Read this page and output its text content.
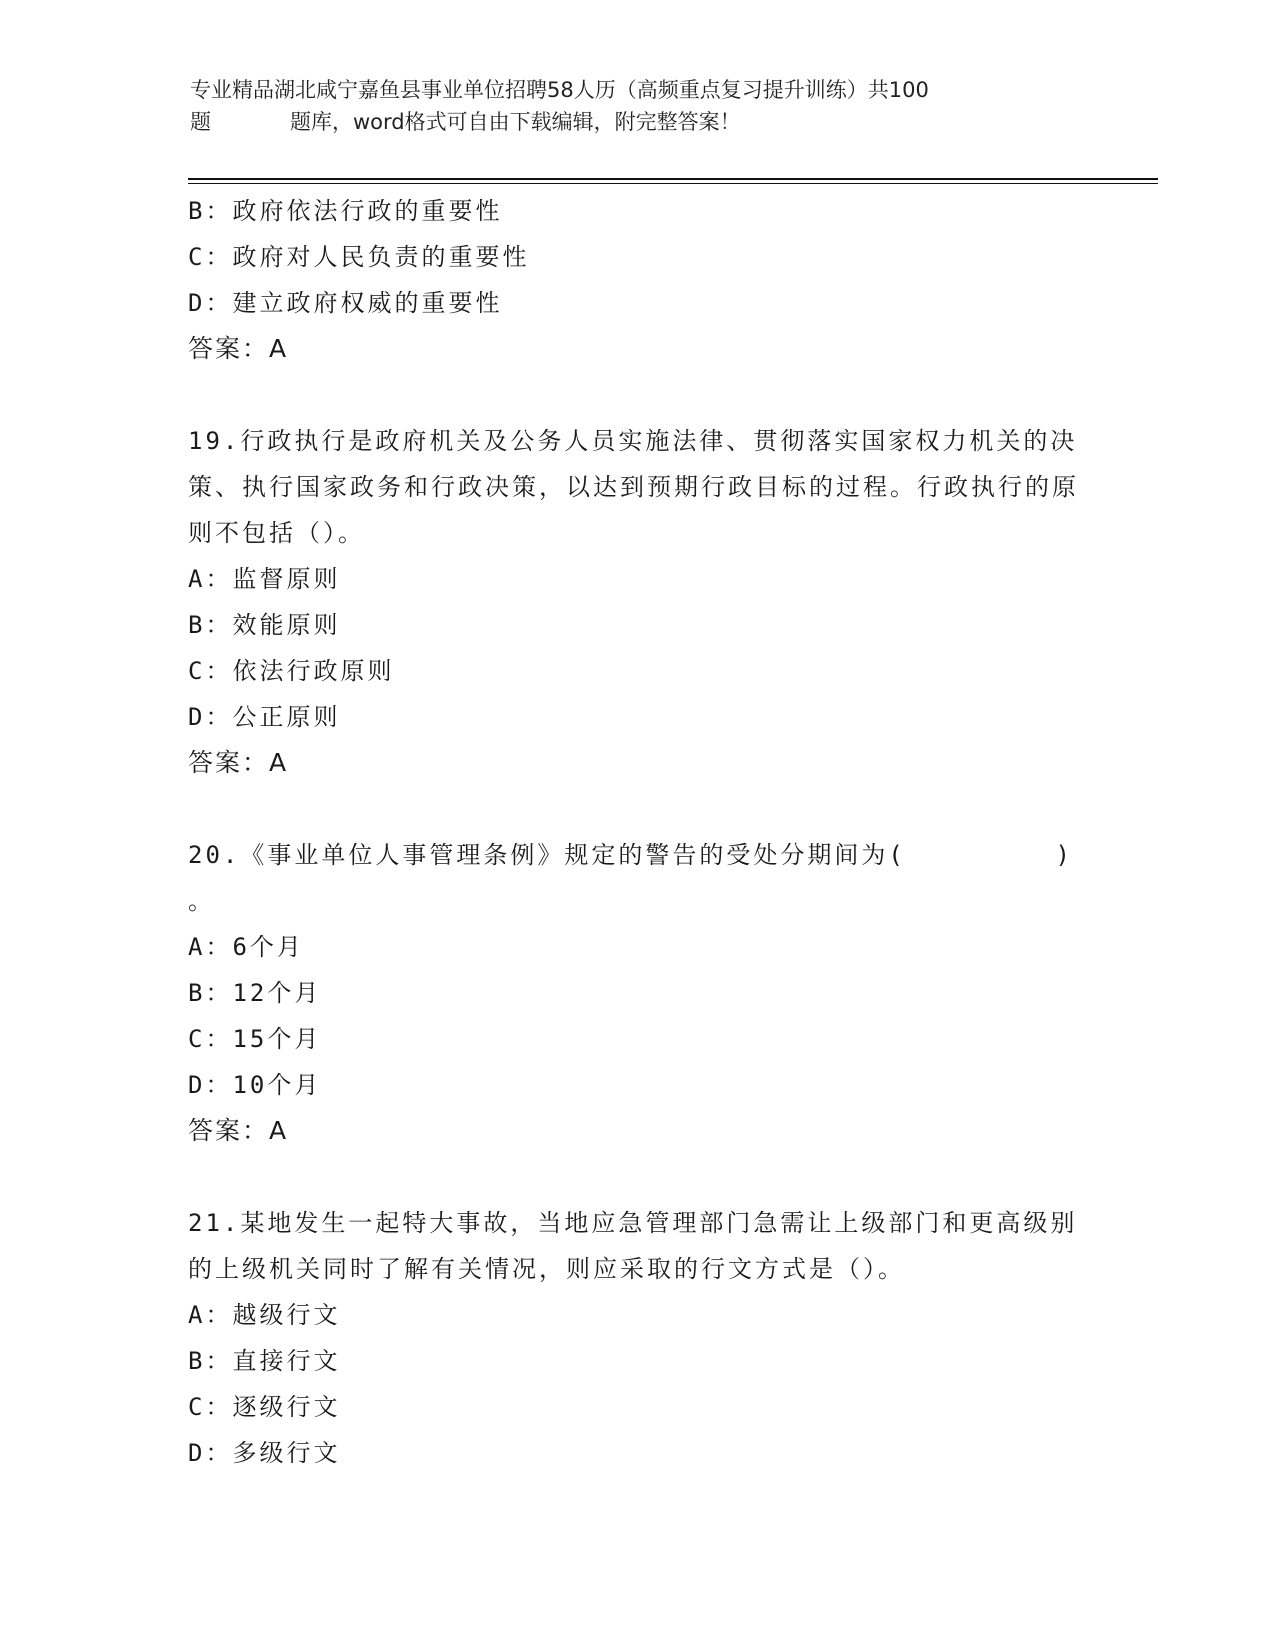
专业精品湖北咸宁嘉鱼县事业单位招聘58人历（高频重点复习提升训练）共100
题	题库，word格式可自由下载编辑，附完整答案！
B：政府依法行政的重要性
C：政府对人民负责的重要性
D：建立政府权威的重要性
答案：A
19.行政执行是政府机关及公务人员实施法律、贯彻落实国家权力机关的决策、执行国家政务和行政决策，以达到预期行政目标的过程。行政执行的原则不包括（）。
A：监督原则
B：效能原则
C：依法行政原则
D：公正原则
答案：A
20.《事业单位人事管理条例》规定的警告的受处分期间为(	)
。
A：6个月
B：12个月
C：15个月
D：10个月
答案：A
21.某地发生一起特大事故，当地应急管理部门急需让上级部门和更高级别的上级机关同时了解有关情况，则应采取的行文方式是（）。
A：越级行文
B：直接行文
C：逐级行文
D：多级行文
